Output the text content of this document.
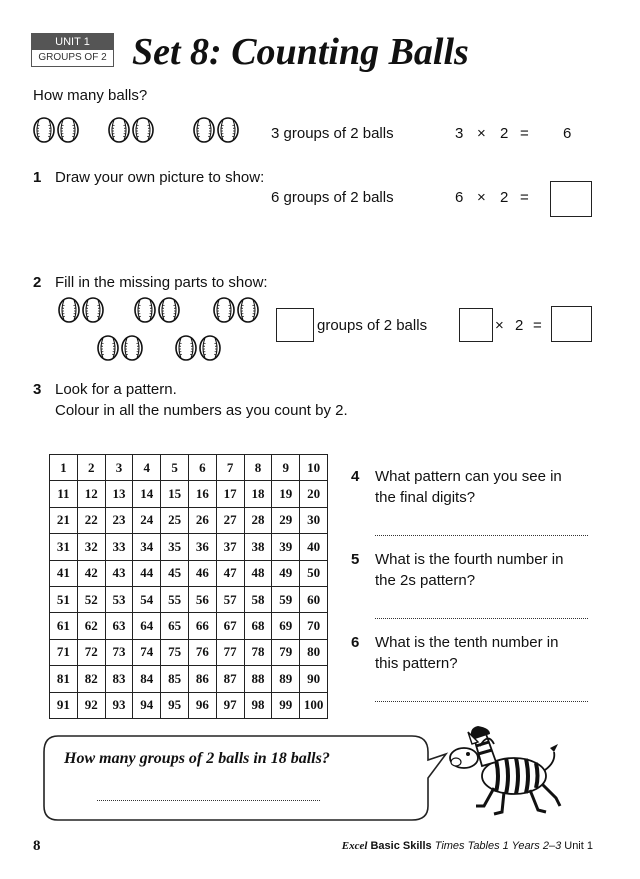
UNIT 1
GROUPS OF 2 Set 8: Counting Balls
How many balls?
3 groups of 2 balls	3 × 2 = 6
1 Draw your own picture to show:
6 groups of 2 balls	6 × 2 =
2 Fill in the missing parts to show:
groups of 2 balls	× 2 =
3 Look for a pattern.
Colour in all the numbers as you count by 2.
1	2	3	4	5	6	7	8	9	10
11	12	13	14	15	16	17	18	19	20
21	22	23	24	25	26	27	28	29	30
31	32	33	34	35	36	37	38	39	40
41	42	43	44	45	46	47	48	49	50
51	52	53	54	55	56	57	58	59	60
61	62	63	64	65	66	67	68	69	70
71	72	73	74	75	76	77	78	79	80
81	82	83	84	85	86	87	88	89	90
91	92	93	94	95	96	97	98	99	100
4 What pattern can you see in
the final digits?
5 What is the fourth number in
the 2s pattern?
6 What is the tenth number in
this pattern?
How many groups of 2 balls in 18 balls?
8	Excel Basic Skills Times Tables 1 Years 2–3 Unit 1
